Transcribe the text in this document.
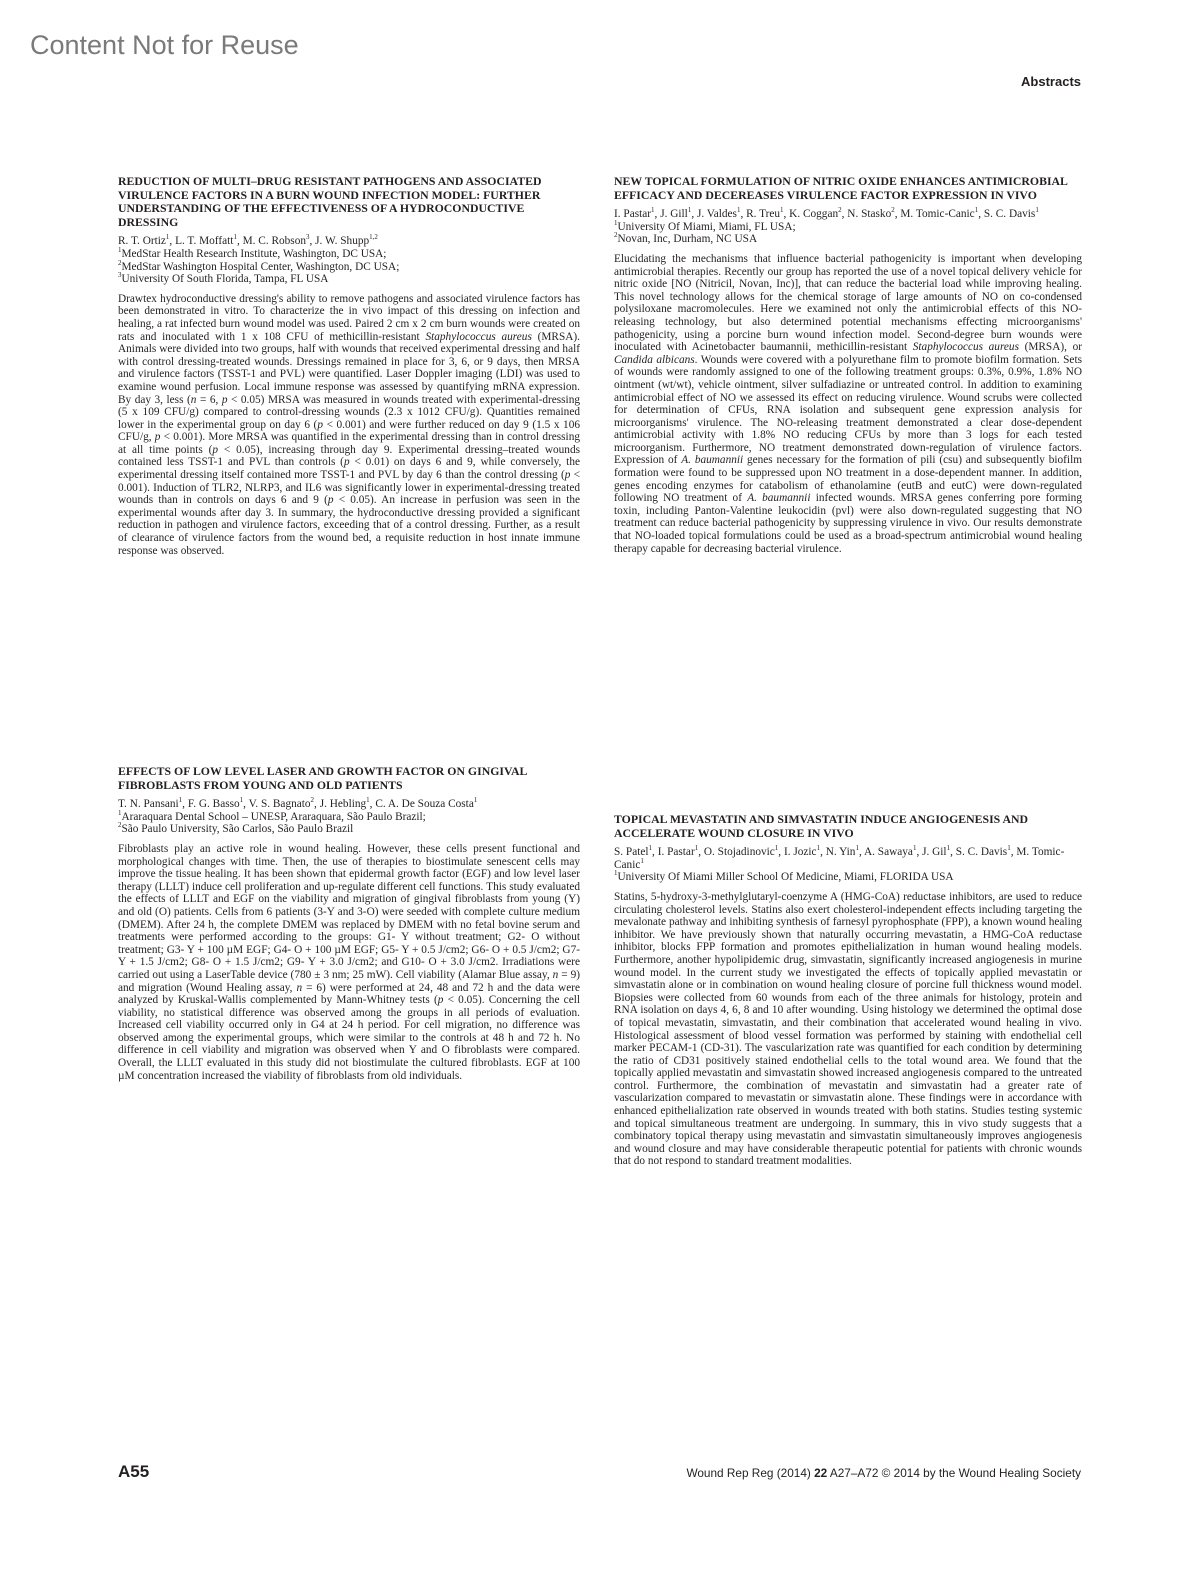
Content Not for Reuse
Abstracts
REDUCTION OF MULTI–DRUG RESISTANT PATHOGENS AND ASSOCIATED VIRULENCE FACTORS IN A BURN WOUND INFECTION MODEL: FURTHER UNDERSTANDING OF THE EFFECTIVENESS OF A HYDROCONDUCTIVE DRESSING
R. T. Ortiz$^1$, L. T. Moffatt$^1$, M. C. Robson$^3$, J. W. Shupp$^{1,2}$
$^1$MedStar Health Research Institute, Washington, DC USA;
$^2$MedStar Washington Hospital Center, Washington, DC USA;
$^3$University Of South Florida, Tampa, FL USA
Drawtex hydroconductive dressing's ability to remove pathogens and associated virulence factors has been demonstrated in vitro. To characterize the in vivo impact of this dressing on infection and healing, a rat infected burn wound model was used. Paired 2 cm x 2 cm burn wounds were created on rats and inoculated with 1 x 108 CFU of methicillin-resistant Staphylococcus aureus (MRSA). Animals were divided into two groups, half with wounds that received experimental dressing and half with control dressing-treated wounds. Dressings remained in place for 3, 6, or 9 days, then MRSA and virulence factors (TSST-1 and PVL) were quantified. Laser Doppler imaging (LDI) was used to examine wound perfusion. Local immune response was assessed by quantifying mRNA expression. By day 3, less (n = 6, p < 0.05) MRSA was measured in wounds treated with experimental-dressing (5 x 109 CFU/g) compared to control-dressing wounds (2.3 x 1012 CFU/g). Quantities remained lower in the experimental group on day 6 (p < 0.001) and were further reduced on day 9 (1.5 x 106 CFU/g, p < 0.001). More MRSA was quantified in the experimental dressing than in control dressing at all time points (p < 0.05), increasing through day 9. Experimental dressing–treated wounds contained less TSST-1 and PVL than controls (p < 0.01) on days 6 and 9, while conversely, the experimental dressing itself contained more TSST-1 and PVL by day 6 than the control dressing (p < 0.001). Induction of TLR2, NLRP3, and IL6 was significantly lower in experimental-dressing treated wounds than in controls on days 6 and 9 (p < 0.05). An increase in perfusion was seen in the experimental wounds after day 3. In summary, the hydroconductive dressing provided a significant reduction in pathogen and virulence factors, exceeding that of a control dressing. Further, as a result of clearance of virulence factors from the wound bed, a requisite reduction in host innate immune response was observed.
EFFECTS OF LOW LEVEL LASER AND GROWTH FACTOR ON GINGIVAL FIBROBLASTS FROM YOUNG AND OLD PATIENTS
T. N. Pansani$^1$, F. G. Basso$^1$, V. S. Bagnato$^2$, J. Hebling$^1$, C. A. De Souza Costa$^1$
$^1$Araraquara Dental School – UNESP, Araraquara, São Paulo Brazil;
$^2$São Paulo University, São Carlos, São Paulo Brazil
Fibroblasts play an active role in wound healing. However, these cells present functional and morphological changes with time. Then, the use of therapies to biostimulate senescent cells may improve the tissue healing. It has been shown that epidermal growth factor (EGF) and low level laser therapy (LLLT) induce cell proliferation and up-regulate different cell functions. This study evaluated the effects of LLLT and EGF on the viability and migration of gingival fibroblasts from young (Y) and old (O) patients. Cells from 6 patients (3-Y and 3-O) were seeded with complete culture medium (DMEM). After 24 h, the complete DMEM was replaced by DMEM with no fetal bovine serum and treatments were performed according to the groups: G1- Y without treatment; G2- O without treatment; G3- Y + 100 µM EGF; G4- O + 100 µM EGF; G5- Y + 0.5 J/cm2; G6- O + 0.5 J/cm2; G7- Y + 1.5 J/cm2; G8- O + 1.5 J/cm2; G9- Y + 3.0 J/cm2; and G10- O + 3.0 J/cm2. Irradiations were carried out using a LaserTable device (780 ± 3 nm; 25 mW). Cell viability (Alamar Blue assay, n = 9) and migration (Wound Healing assay, n = 6) were performed at 24, 48 and 72 h and the data were analyzed by Kruskal-Wallis complemented by Mann-Whitney tests (p < 0.05). Concerning the cell viability, no statistical difference was observed among the groups in all periods of evaluation. Increased cell viability occurred only in G4 at 24 h period. For cell migration, no difference was observed among the experimental groups, which were similar to the controls at 48 h and 72 h. No difference in cell viability and migration was observed when Y and O fibroblasts were compared. Overall, the LLLT evaluated in this study did not biostimulate the cultured fibroblasts. EGF at 100 µM concentration increased the viability of fibroblasts from old individuals.
NEW TOPICAL FORMULATION OF NITRIC OXIDE ENHANCES ANTIMICROBIAL EFFICACY AND DECEREASES VIRULENCE FACTOR EXPRESSION IN VIVO
I. Pastar$^1$, J. Gill$^1$, J. Valdes$^1$, R. Treu$^1$, K. Coggan$^2$, N. Stasko$^2$, M. Tomic-Canic$^1$, S. C. Davis$^1$
$^1$University Of Miami, Miami, FL USA;
$^2$Novan, Inc, Durham, NC USA
Elucidating the mechanisms that influence bacterial pathogenicity is important when developing antimicrobial therapies. Recently our group has reported the use of a novel topical delivery vehicle for nitric oxide [NO (Nitricil, Novan, Inc)], that can reduce the bacterial load while improving healing. This novel technology allows for the chemical storage of large amounts of NO on co-condensed polysiloxane macromolecules. Here we examined not only the antimicrobial effects of this NO-releasing technology, but also determined potential mechanisms effecting microorganisms' pathogenicity, using a porcine burn wound infection model. Second-degree burn wounds were inoculated with Acinetobacter baumannii, methicillin-resistant Staphylococcus aureus (MRSA), or Candida albicans. Wounds were covered with a polyurethane film to promote biofilm formation. Sets of wounds were randomly assigned to one of the following treatment groups: 0.3%, 0.9%, 1.8% NO ointment (wt/wt), vehicle ointment, silver sulfadiazine or untreated control. In addition to examining antimicrobial effect of NO we assessed its effect on reducing virulence. Wound scrubs were collected for determination of CFUs, RNA isolation and subsequent gene expression analysis for microorganisms' virulence. The NO-releasing treatment demonstrated a clear dose-dependent antimicrobial activity with 1.8% NO reducing CFUs by more than 3 logs for each tested microorganism. Furthermore, NO treatment demonstrated down-regulation of virulence factors. Expression of A. baumannii genes necessary for the formation of pili (csu) and subsequently biofilm formation were found to be suppressed upon NO treatment in a dose-dependent manner. In addition, genes encoding enzymes for catabolism of ethanolamine (eutB and eutC) were down-regulated following NO treatment of A. baumannii infected wounds. MRSA genes conferring pore forming toxin, including Panton-Valentine leukocidin (pvl) were also down-regulated suggesting that NO treatment can reduce bacterial pathogenicity by suppressing virulence in vivo. Our results demonstrate that NO-loaded topical formulations could be used as a broad-spectrum antimicrobial wound healing therapy capable for decreasing bacterial virulence.
TOPICAL MEVASTATIN AND SIMVASTATIN INDUCE ANGIOGENESIS AND ACCELERATE WOUND CLOSURE IN VIVO
S. Patel$^1$, I. Pastar$^1$, O. Stojadinovic$^1$, I. Jozic$^1$, N. Yin$^1$, A. Sawaya$^1$, J. Gil$^1$, S. C. Davis$^1$, M. Tomic-Canic$^1$
$^1$University Of Miami Miller School Of Medicine, Miami, FLORIDA USA
Statins, 5-hydroxy-3-methylglutaryl-coenzyme A (HMG-CoA) reductase inhibitors, are used to reduce circulating cholesterol levels. Statins also exert cholesterol-independent effects including targeting the mevalonate pathway and inhibiting synthesis of farnesyl pyrophosphate (FPP), a known wound healing inhibitor. We have previously shown that naturally occurring mevastatin, a HMG-CoA reductase inhibitor, blocks FPP formation and promotes epithelialization in human wound healing models. Furthermore, another hypolipidemic drug, simvastatin, significantly increased angiogenesis in murine wound model. In the current study we investigated the effects of topically applied mevastatin or simvastatin alone or in combination on wound healing closure of porcine full thickness wound model. Biopsies were collected from 60 wounds from each of the three animals for histology, protein and RNA isolation on days 4, 6, 8 and 10 after wounding. Using histology we determined the optimal dose of topical mevastatin, simvastatin, and their combination that accelerated wound healing in vivo. Histological assessment of blood vessel formation was performed by staining with endothelial cell marker PECAM-1 (CD-31). The vascularization rate was quantified for each condition by determining the ratio of CD31 positively stained endothelial cells to the total wound area. We found that the topically applied mevastatin and simvastatin showed increased angiogenesis compared to the untreated control. Furthermore, the combination of mevastatin and simvastatin had a greater rate of vascularization compared to mevastatin or simvastatin alone. These findings were in accordance with enhanced epithelialization rate observed in wounds treated with both statins. Studies testing systemic and topical simultaneous treatment are undergoing. In summary, this in vivo study suggests that a combinatory topical therapy using mevastatin and simvastatin simultaneously improves angiogenesis and wound closure and may have considerable therapeutic potential for patients with chronic wounds that do not respond to standard treatment modalities.
A55	Wound Rep Reg (2014) 22 A27–A72 © 2014 by the Wound Healing Society
